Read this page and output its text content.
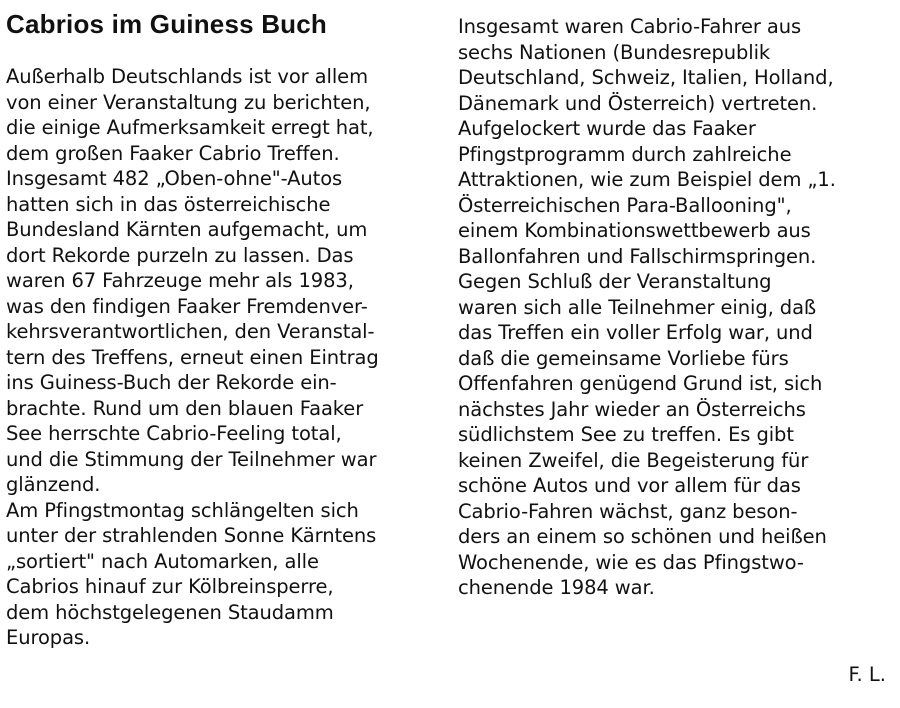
Cabrios im Guiness Buch
Außerhalb Deutschlands ist vor allem
von einer Veranstaltung zu berichten,
die einige Aufmerksamkeit erregt hat,
dem großen Faaker Cabrio Treffen.
Insgesamt 482 „Oben-ohne"-Autos
hatten sich in das österreichische
Bundesland Kärnten aufgemacht, um
dort Rekorde purzeln zu lassen. Das
waren 67 Fahrzeuge mehr als 1983,
was den findigen Faaker Fremdenver-
kehrsverantwortlichen, den Veranstal-
tern des Treffens, erneut einen Eintrag
ins Guiness-Buch der Rekorde ein-
brachte. Rund um den blauen Faaker
See herrschte Cabrio-Feeling total,
und die Stimmung der Teilnehmer war
glänzend.
Am Pfingstmontag schlängelten sich
unter der strahlenden Sonne Kärntens
„sortiert" nach Automarken, alle
Cabrios hinauf zur Kölbreinsperre,
dem höchstgelegenen Staudamm
Europas.
Insgesamt waren Cabrio-Fahrer aus
sechs Nationen (Bundesrepublik
Deutschland, Schweiz, Italien, Holland,
Dänemark und Österreich) vertreten.
Aufgelockert wurde das Faaker
Pfingstprogramm durch zahlreiche
Attraktionen, wie zum Beispiel dem „1.
Österreichischen Para-Ballooning",
einem Kombinationswettbewerb aus
Ballonfahren und Fallschirmspringen.
Gegen Schluß der Veranstaltung
waren sich alle Teilnehmer einig, daß
das Treffen ein voller Erfolg war, und
daß die gemeinsame Vorliebe fürs
Offenfahren genügend Grund ist, sich
nächstes Jahr wieder an Österreichs
südlichstem See zu treffen. Es gibt
keinen Zweifel, die Begeisterung für
schöne Autos und vor allem für das
Cabrio-Fahren wächst, ganz beson-
ders an einem so schönen und heißen
Wochenende, wie es das Pfingstwo-
chenende 1984 war.
F. L.
